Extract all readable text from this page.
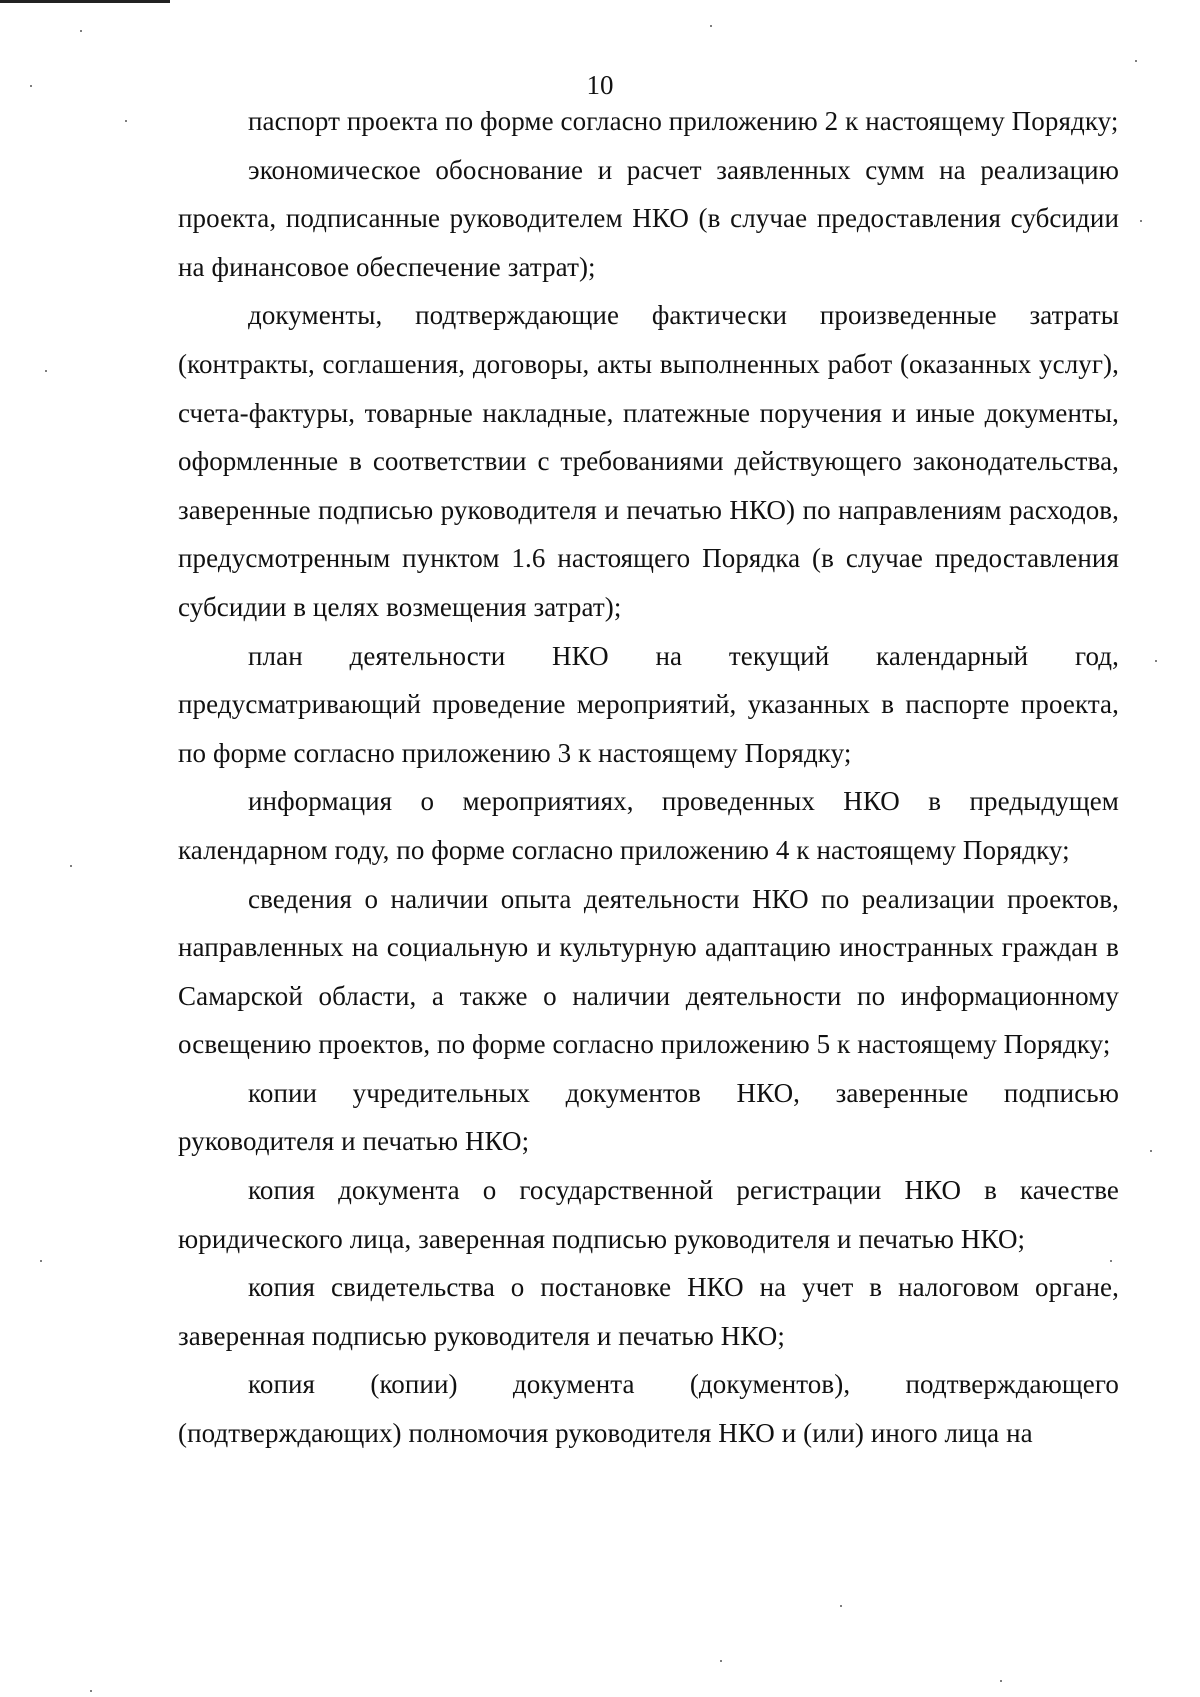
10

паспорт проекта по форме согласно приложению 2 к настоящему Порядку;

экономическое обоснование и расчет заявленных сумм на реализацию проекта, подписанные руководителем НКО (в случае предоставления субсидии на финансовое обеспечение затрат);

документы, подтверждающие фактически произведенные затраты (контракты, соглашения, договоры, акты выполненных работ (оказанных услуг), счета-фактуры, товарные накладные, платежные поручения и иные документы, оформленные в соответствии с требованиями действующего законодательства, заверенные подписью руководителя и печатью НКО) по направлениям расходов, предусмотренным пунктом 1.6 настоящего Порядка (в случае предоставления субсидии в целях возмещения затрат);

план деятельности НКО на текущий календарный год, предусматривающий проведение мероприятий, указанных в паспорте проекта, по форме согласно приложению 3 к настоящему Порядку;

информация о мероприятиях, проведенных НКО в предыдущем календарном году, по форме согласно приложению 4 к настоящему Порядку;

сведения о наличии опыта деятельности НКО по реализации проектов, направленных на социальную и культурную адаптацию иностранных граждан в Самарской области, а также о наличии деятельности по информационному освещению проектов, по форме согласно приложению 5 к настоящему Порядку;

копии учредительных документов НКО, заверенные подписью руководителя и печатью НКО;

копия документа о государственной регистрации НКО в качестве юридического лица, заверенная подписью руководителя и печатью НКО;

копия свидетельства о постановке НКО на учет в налоговом органе, заверенная подписью руководителя и печатью НКО;

копия (копии) документа (документов), подтверждающего (подтверждающих) полномочия руководителя НКО и (или) иного лица на
